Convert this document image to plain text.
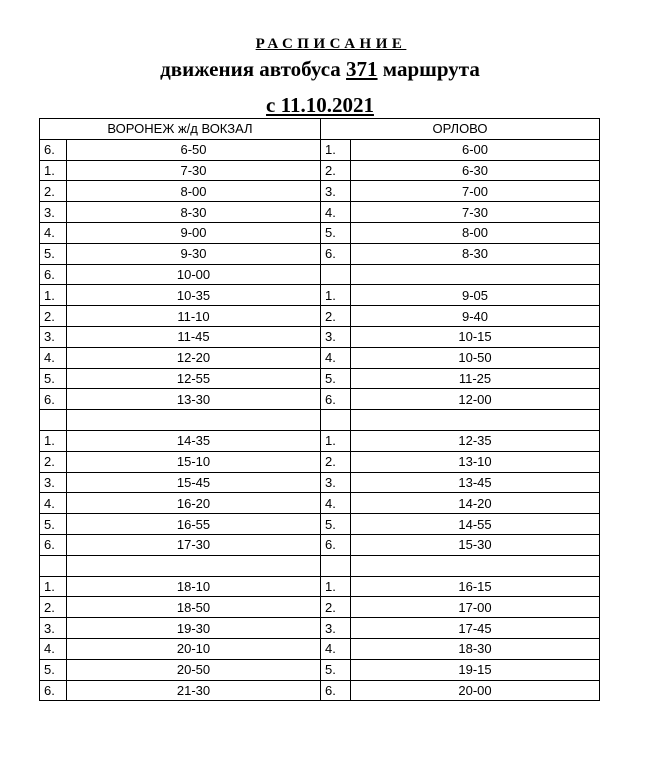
РАСПИСАНИЕ
движения автобуса 371 маршрута
с 11.10.2021
ВОРОНЕЖ ж/д ВОКЗАЛ		ОРЛОВО	
6.	6-50	1.	6-00
1.	7-30	2.	6-30
2.	8-00	3.	7-00
3.	8-30	4.	7-30
4.	9-00	5.	8-00
5.	9-30	6.	8-30
6.	10-00		
1.	10-35	1.	9-05
2.	11-10	2.	9-40
3.	11-45	3.	10-15
4.	12-20	4.	10-50
5.	12-55	5.	11-25
6.	13-30	6.	12-00

1.	14-35	1.	12-35
2.	15-10	2.	13-10
3.	15-45	3.	13-45
4.	16-20	4.	14-20
5.	16-55	5.	14-55
6.	17-30	6.	15-30

1.	18-10	1.	16-15
2.	18-50	2.	17-00
3.	19-30	3.	17-45
4.	20-10	4.	18-30
5.	20-50	5.	19-15
6.	21-30	6.	20-00
